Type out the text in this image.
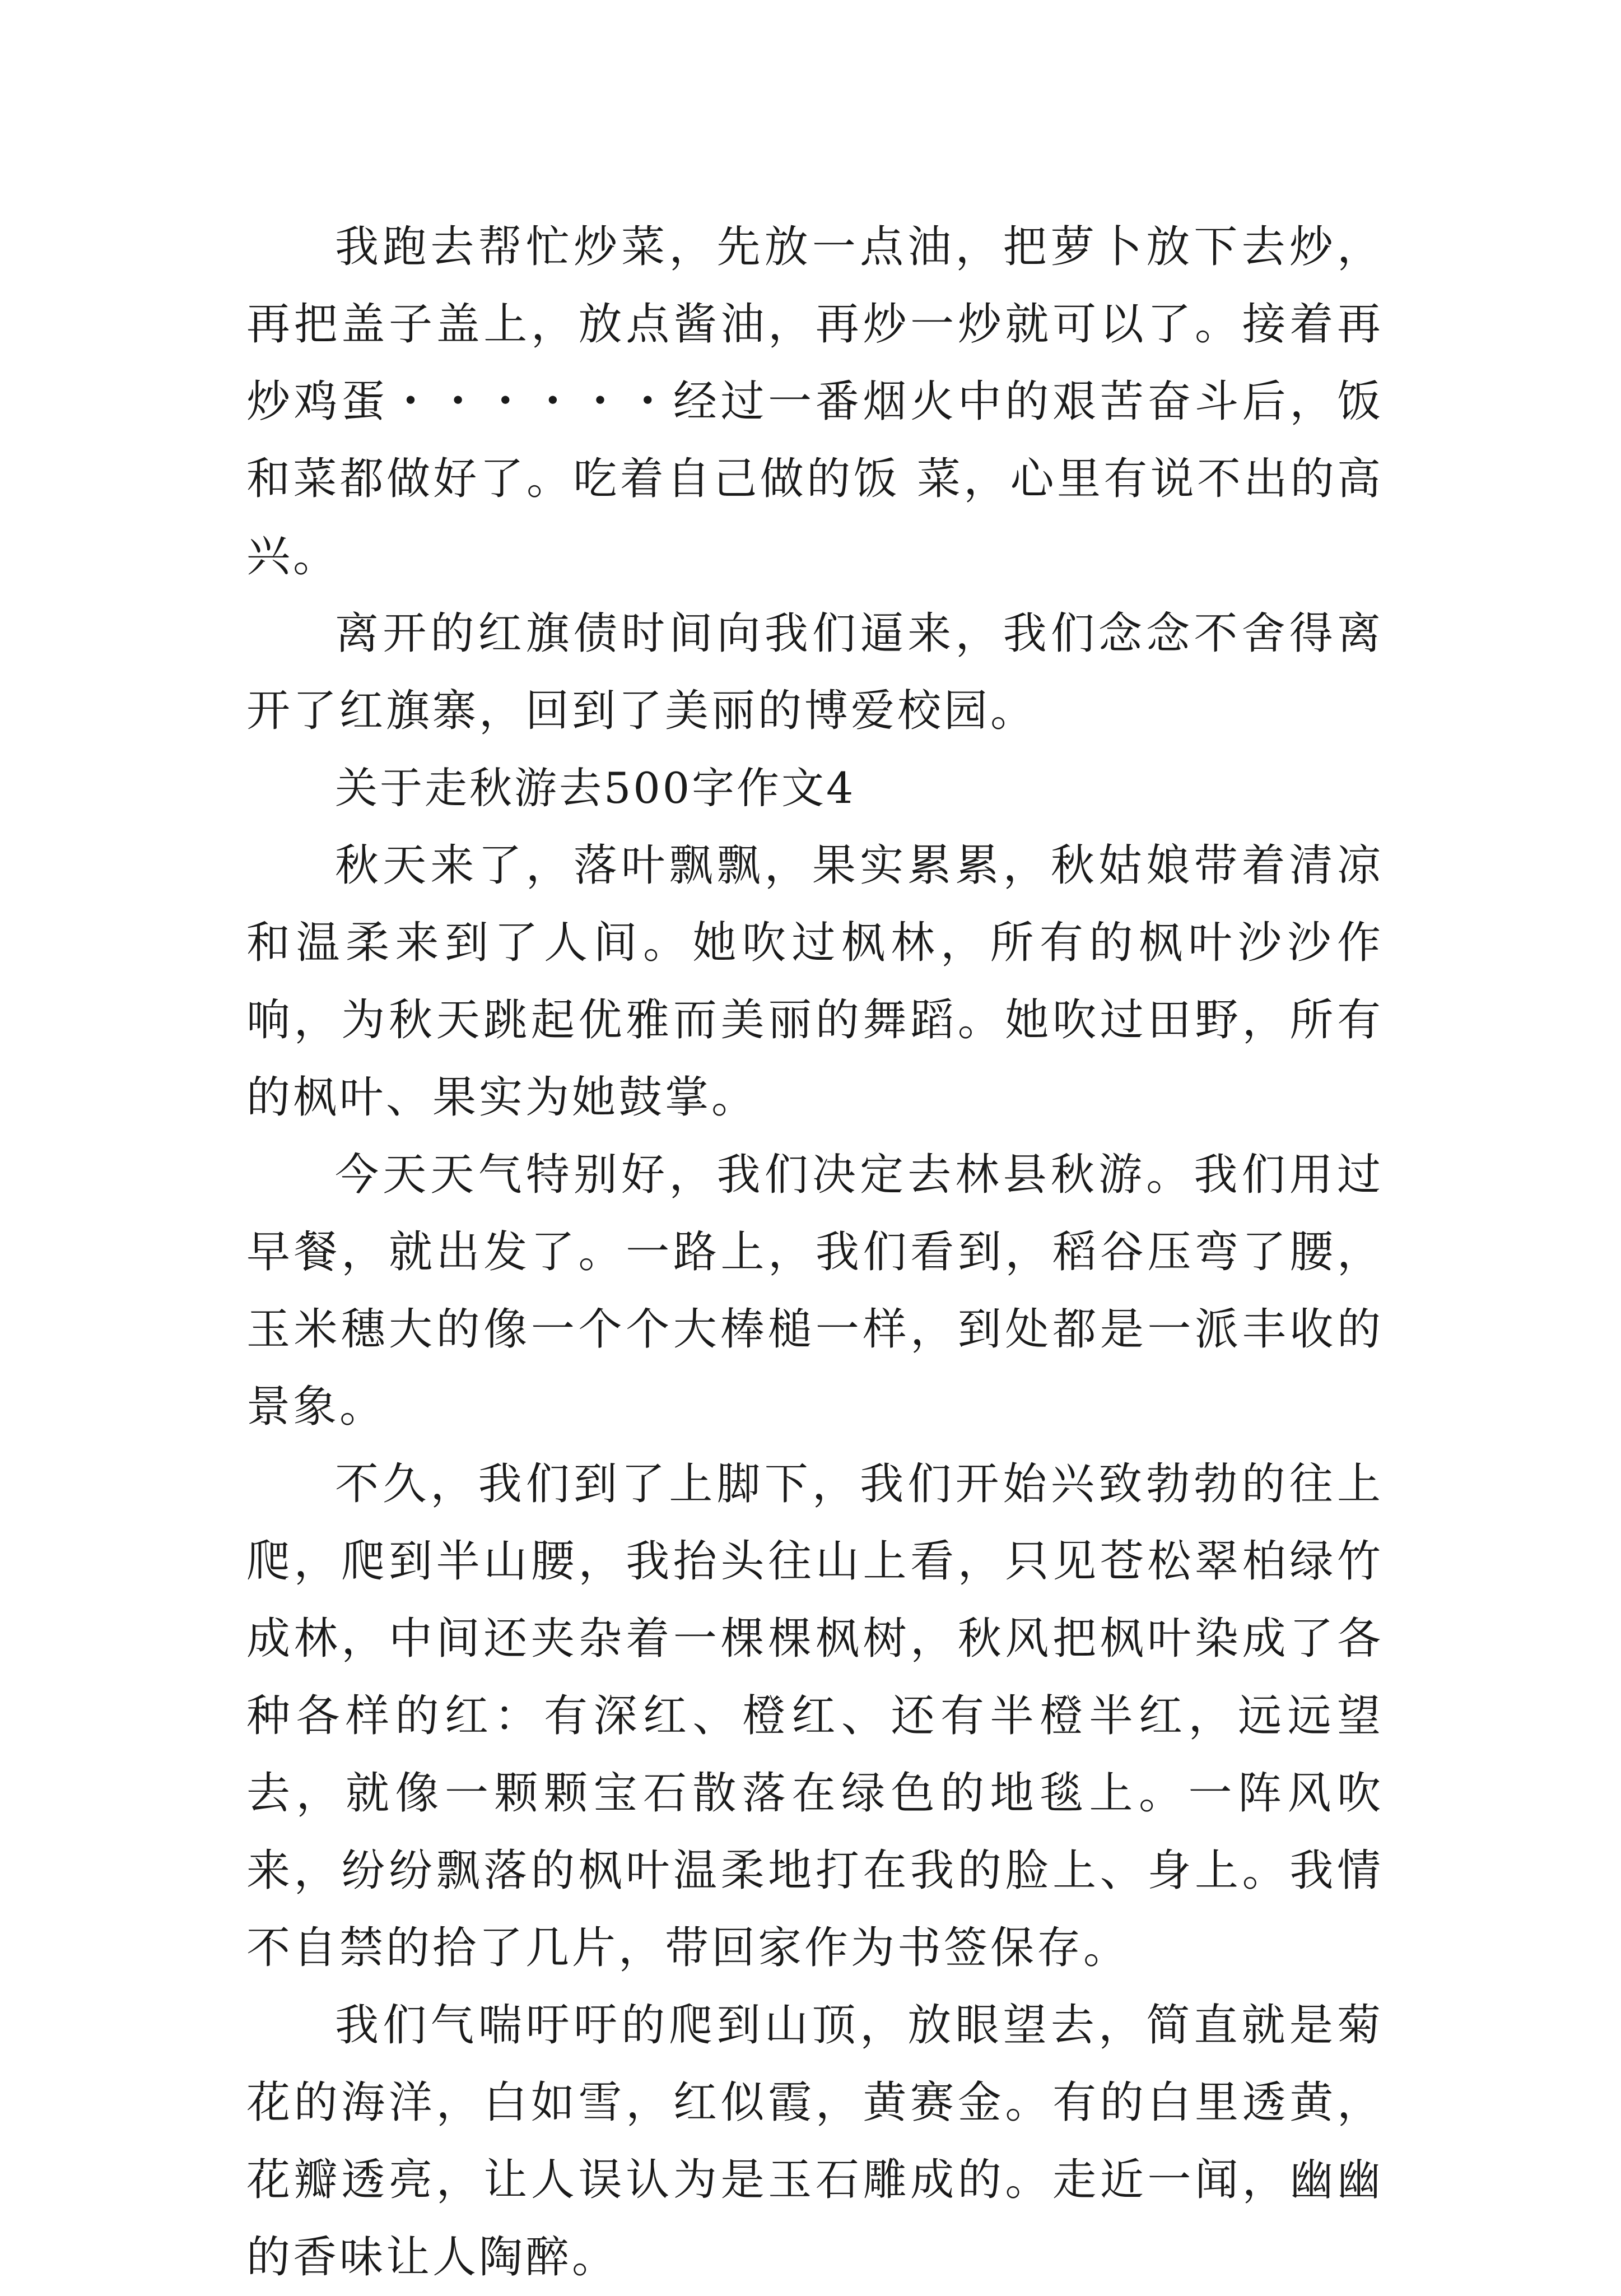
我跑去帮忙炒菜，先放一点油，把萝卜放下去炒，再把盖子盖上，放点酱油，再炒一炒就可以了。接着再炒鸡蛋・・・・・・经过一番烟火中的艰苦奋斗后，饭和菜都做好了。吃着自己做的饭 菜，心里有说不出的高兴。

离开的红旗债时间向我们逼来，我们念念不舍得离开了红旗寨，回到了美丽的博爱校园。

关于走秋游去500字作文4

秋天来了，落叶飘飘，果实累累，秋姑娘带着清凉和温柔来到了人间。她吹过枫林，所有的枫叶沙沙作响，为秋天跳起优雅而美丽的舞蹈。她吹过田野，所有的枫叶、果实为她鼓掌。

今天天气特别好，我们决定去林县秋游。我们用过早餐，就出发了。一路上，我们看到，稻谷压弯了腰，玉米穗大的像一个个大棒槌一样，到处都是一派丰收的景象。

不久，我们到了上脚下，我们开始兴致勃勃的往上爬，爬到半山腰，我抬头往山上看，只见苍松翠柏绿竹成林，中间还夹杂着一棵棵枫树，秋风把枫叶染成了各种各样的红：有深红、橙红、还有半橙半红，远远望去，就像一颗颗宝石散落在绿色的地毯上。一阵风吹来，纷纷飘落的枫叶温柔地打在我的脸上、身上。我情不自禁的拾了几片，带回家作为书签保存。

我们气喘吁吁的爬到山顶，放眼望去，简直就是菊花的海洋，白如雪，红似霞，黄赛金。有的白里透黄，花瓣透亮，让人误认为是玉石雕成的。走近一闻，幽幽的香味让人陶醉。
